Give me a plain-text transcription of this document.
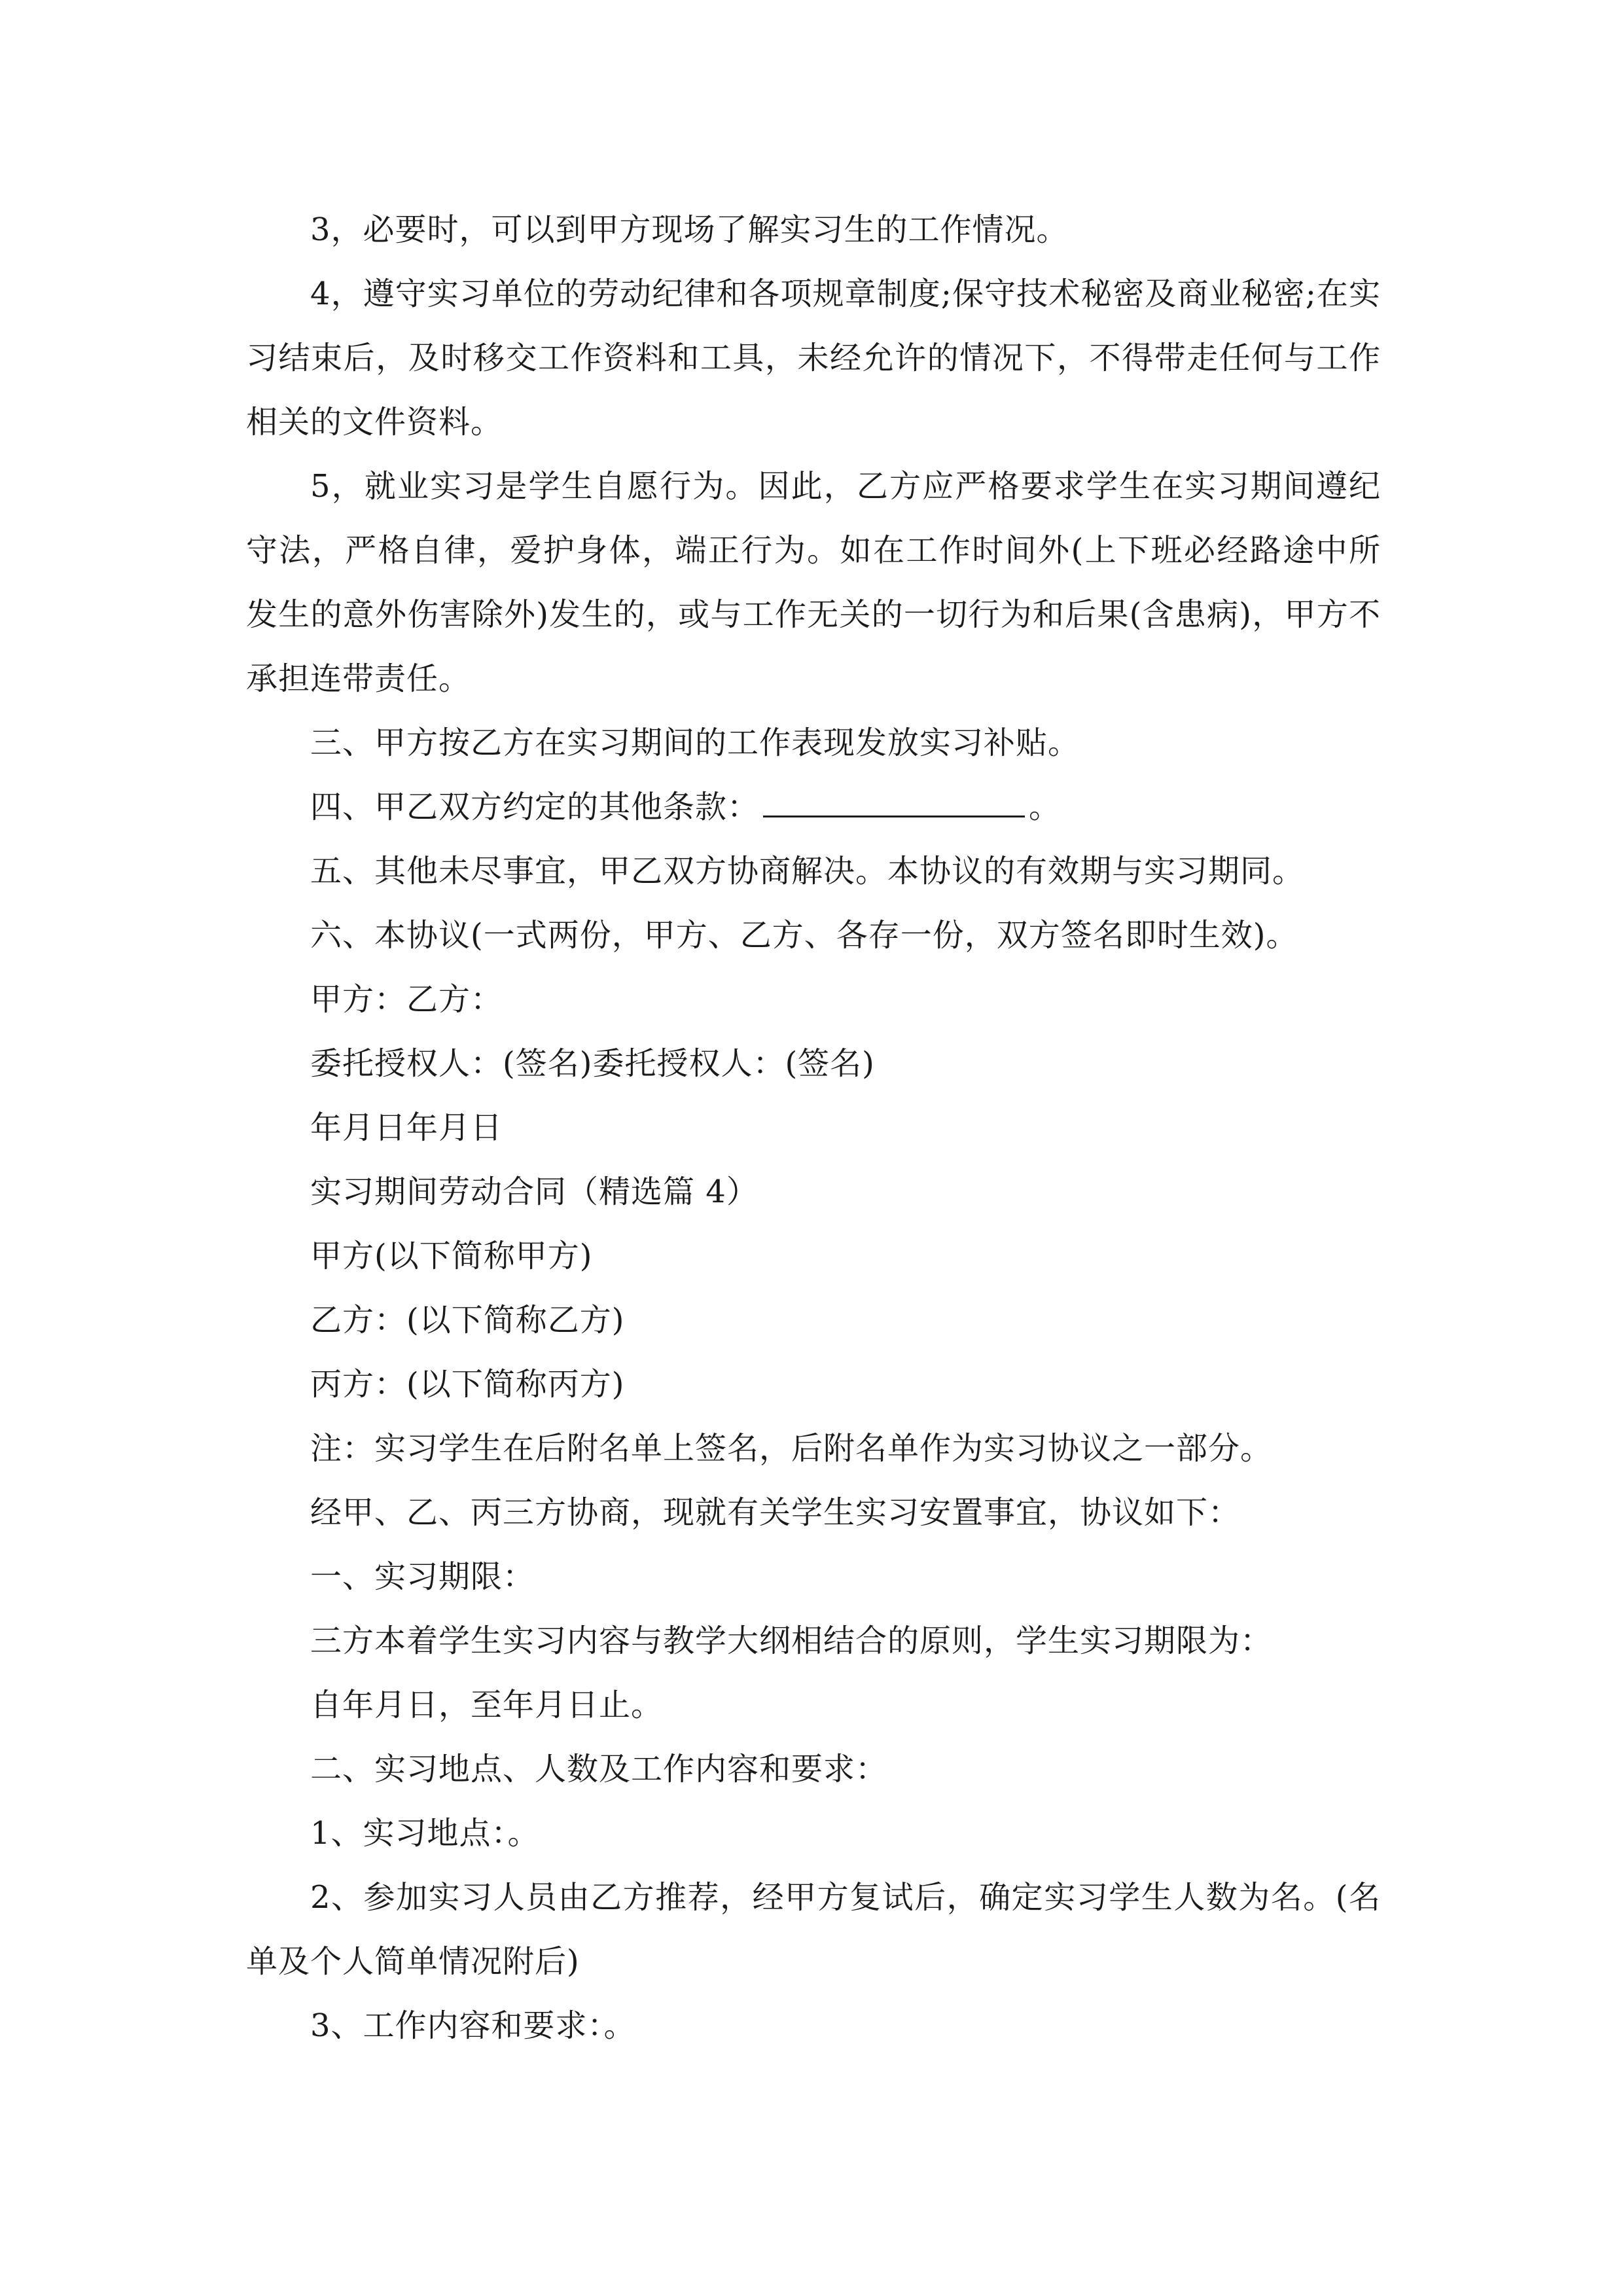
3，必要时，可以到甲方现场了解实习生的工作情况。

4，遵守实习单位的劳动纪律和各项规章制度;保守技术秘密及商业秘密;在实习结束后，及时移交工作资料和工具，未经允许的情况下，不得带走任何与工作相关的文件资料。

5，就业实习是学生自愿行为。因此，乙方应严格要求学生在实习期间遵纪守法，严格自律，爱护身体，端正行为。如在工作时间外(上下班必经路途中所发生的意外伤害除外)发生的，或与工作无关的一切行为和后果(含患病)，甲方不承担连带责任。

三、甲方按乙方在实习期间的工作表现发放实习补贴。

四、甲乙双方约定的其他条款：	。

五、其他未尽事宜，甲乙双方协商解决。本协议的有效期与实习期同。

六、本协议(一式两份，甲方、乙方、各存一份，双方签名即时生效)。

甲方：乙方：

委托授权人：(签名)委托授权人：(签名)

年月日年月日

实习期间劳动合同（精选篇 4）

甲方(以下简称甲方)

乙方：(以下简称乙方)

丙方：(以下简称丙方)

注：实习学生在后附名单上签名，后附名单作为实习协议之一部分。

经甲、乙、丙三方协商，现就有关学生实习安置事宜，协议如下：

一、实习期限：

三方本着学生实习内容与教学大纲相结合的原则，学生实习期限为：

自年月日，至年月日止。

二、实习地点、人数及工作内容和要求：

1、实习地点：。

2、参加实习人员由乙方推荐，经甲方复试后，确定实习学生人数为名。(名单及个人简单情况附后)

3、工作内容和要求：。
